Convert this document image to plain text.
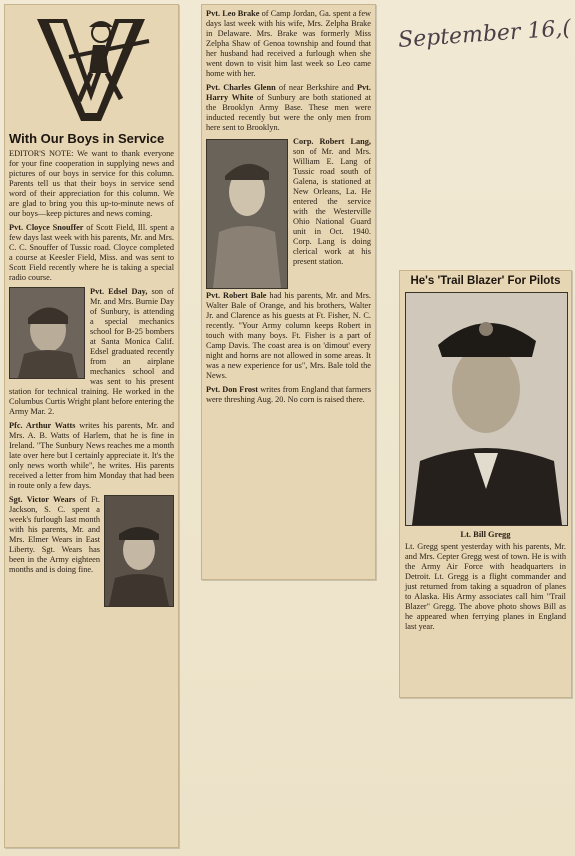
September 16,(
With Our Boys in Service

EDITOR'S NOTE: We want to thank everyone for your fine cooperation in supplying news and pictures of our boys in service for this column. Parents tell us that their boys in service send word of their appreciation for this column. We are glad to bring you this up-to-minute news of our boys—keep pictures and news coming.

Pvt. Cloyce Snouffer of Scott Field, Ill. spent a few days last week with his parents, Mr. and Mrs. C. C. Snouffer of Tussic road. Cloyce completed a course at Keesler Field, Miss. and was sent to Scott Field recently where he is taking a special radio course.

Pvt. Edsel Day, son of Mr. and Mrs. Burnie Day of Sunbury, is attending a special mechanics school for B-25 bombers at Santa Monica Calif. Edsel graduated recently from an airplane mechanics school and was sent to his present station for technical training. He worked in the Columbus Curtis Wright plant before entering the Army Mar. 2.

Pfc. Arthur Watts writes his parents, Mr. and Mrs. A. B. Watts of Harlem, that he is fine in Ireland. "The Sunbury News reaches me a month late over here but I certainly appreciate it. It's the only news worth while", he writes. His parents received a letter from him Monday that had been in route only a few days.

Sgt. Victor Wears of Ft. Jackson, S. C. spent a week's furlough last month with his parents, Mr. and Mrs. Elmer Wears in East Liberty. Sgt. Wears has been in the Army eighteen months and is doing fine.

Pvt. Leo Brake of Camp Jordan, Ga. spent a few days last week with his wife, Mrs. Zelpha Brake in Delaware. Mrs. Brake was formerly Miss Zelpha Shaw of Genoa township and found that her husband had received a furlough when she went down to visit him last week so Leo came home with her.

Pvt. Charles Glenn of near Berkshire and Pvt. Harry White of Sunbury are both stationed at the Brooklyn Army Base. These men were inducted recently but were the only men from here sent to Brooklyn.

Corp. Robert Lang, son of Mr. and Mrs. William E. Lang of Tussic road south of Galena, is stationed at New Orleans, La. He entered the service with the Westerville Ohio National Guard unit in Oct. 1940. Corp. Lang is doing clerical work at his present station.

Pvt. Robert Bale had his parents, Mr. and Mrs. Walter Bale of Orange, and his brothers, Walter Jr. and Clarence as his guests at Ft. Fisher, N. C. recently. "Your Army column keeps Robert in touch with many boys. Ft. Fisher is a part of Camp Davis. The coast area is on 'dimout' every night and horns are not allowed in some areas. It was a new experience for us", Mrs. Bale told the News.

Pvt. Don Frost writes from England that farmers were threshing Aug. 20. No corn is raised there.

He's 'Trail Blazer' For Pilots
Lt. Bill Gregg

Lt. Gregg spent yesterday with his parents, Mr. and Mrs. Cepter Gregg west of town. He is with the Army Air Force with headquarters in Detroit. Lt. Gregg is a flight commander and just returned from taking a squadron of planes to Alaska. His Army associates call him "Trail Blazer" Gregg. The above photo shows Bill as he appeared when ferrying planes in England last year.
